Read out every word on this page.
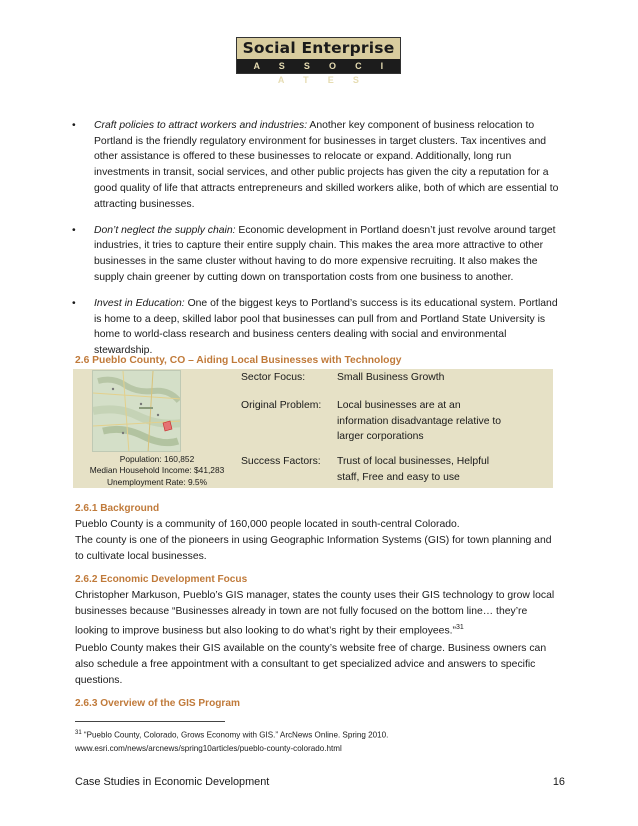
Social Enterprise
A S S O C I A T E S
• Craft policies to attract workers and industries: Another key component of business relocation to Portland is the friendly regulatory environment for businesses in target clusters. Tax incentives and other assistance is offered to these businesses to relocate or expand. Additionally, long run investments in transit, social services, and other public projects has given the city a reputation for a good quality of life that attracts entrepreneurs and skilled workers alike, both of which are essential to attracting businesses.
• Don’t neglect the supply chain: Economic development in Portland doesn’t just revolve around target industries, it tries to capture their entire supply chain. This makes the area more attractive to other businesses in the same cluster without having to do more expensive recruiting. It also makes the supply chain greener by cutting down on transportation costs from one business to another.
• Invest in Education: One of the biggest keys to Portland’s success is its educational system. Portland is home to a deep, skilled labor pool that businesses can pull from and Portland State University is home to world-class research and business centers dealing with social and environmental stewardship.
2.6 Pueblo County, CO – Aiding Local Businesses with Technology
Population: 160,852
Median Household Income: $41,283
Unemployment Rate: 9.5%
Sector Focus:	Small Business Growth
Original Problem: Local businesses are at an information disadvantage relative to larger corporations
Success Factors: Trust of local businesses, Helpful staff, Free and easy to use
2.6.1 Background
Pueblo County is a community of 160,000 people located in south-central Colorado.
The county is one of the pioneers in using Geographic Information Systems (GIS) for town planning and to cultivate local businesses.
2.6.2 Economic Development Focus
Christopher Markuson, Pueblo’s GIS manager, states the county uses their GIS technology to grow local businesses because “Businesses already in town are not fully focused on the bottom line… they’re looking to improve business but also looking to do what’s right by their employees.”$^{31}$
Pueblo County makes their GIS available on the county’s website free of charge. Business owners can also schedule a free appointment with a consultant to get specialized advice and answers to specific questions.
2.6.3 Overview of the GIS Program
$^{31}$ “Pueblo County, Colorado, Grows Economy with GIS.” ArcNews Online. Spring 2010.
www.esri.com/news/arcnews/spring10articles/pueblo-county-colorado.html
Case Studies in Economic Development	16
